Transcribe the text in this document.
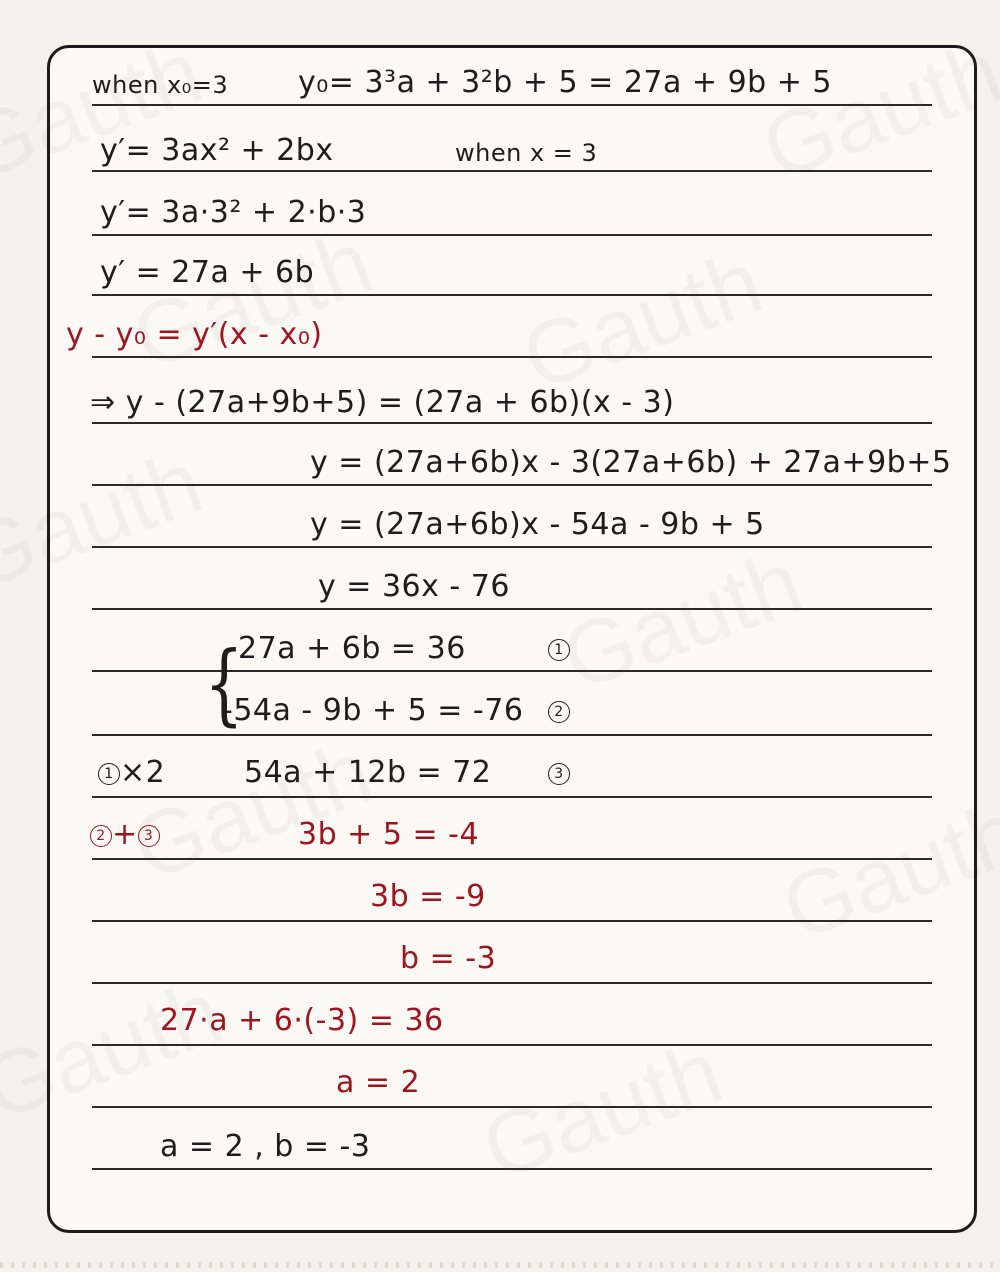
when x₀=3 y₀= 3³a + 3²b + 5 = 27a + 9b + 5
y′= 3ax² + 2bx	when x = 3
y′= 3a·3² + 2·b·3
y′ = 27a + 6b
y - y₀ = y′(x - x₀)
⇒ y - (27a+9b+5) = (27a + 6b)(x - 3)
y = (27a+6b)x - 3(27a+6b) + 27a+9b+5
y = (27a+6b)x - 54a - 9b + 5
y = 36x - 76
{
27a + 6b = 36	1
-54a - 9b + 5 = -76	2
1 ×2	54a + 12b = 72	3
2 + 3	3b + 5 = -4
3b = -9
b = -3
27·a + 6·(-3) = 36
a = 2
a = 2 , b = -3
